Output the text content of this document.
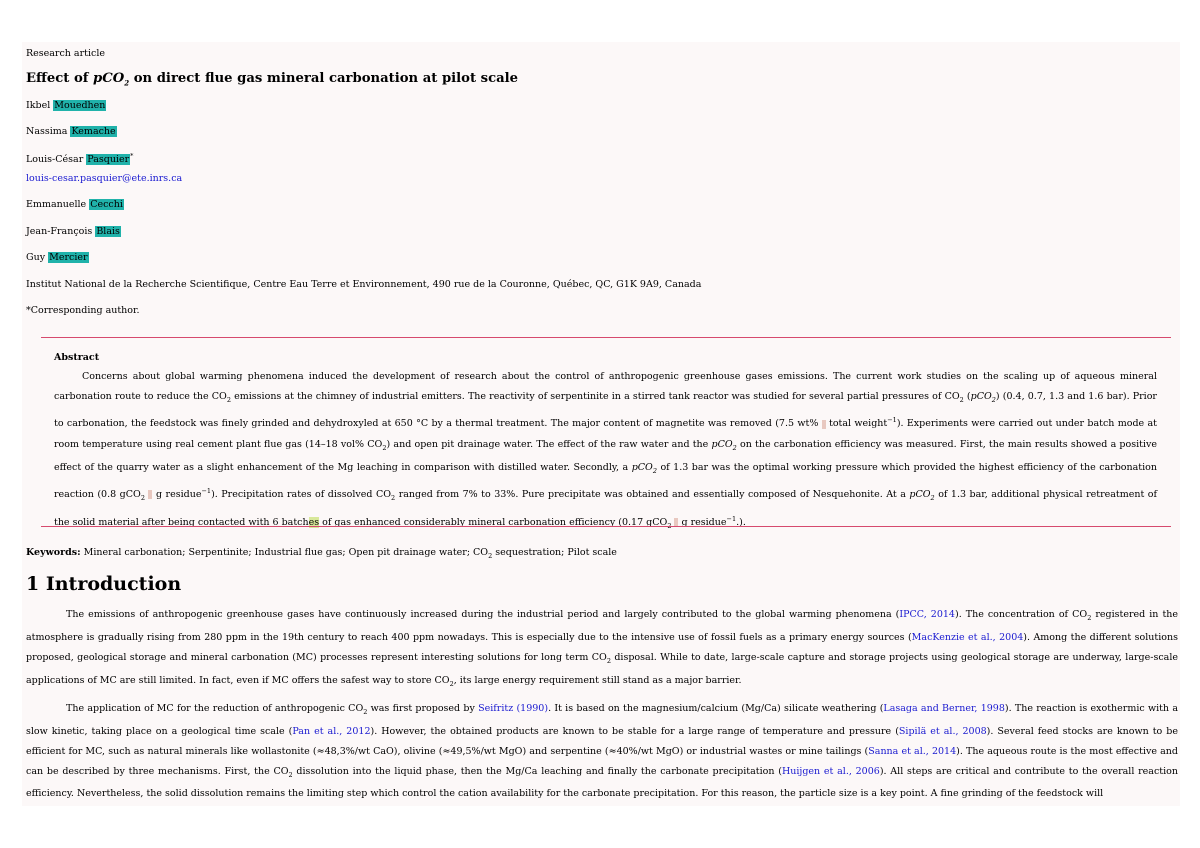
Research article
Effect of pCO$_2$ on direct flue gas mineral carbonation at pilot scale
Ikbel Mouedhen
Nassima Kemache
Louis-César Pasquier*
louis-cesar.pasquier@ete.inrs.ca
Emmanuelle Cecchi
Jean-François Blais
Guy Mercier
Institut National de la Recherche Scientifique, Centre Eau Terre et Environnement, 490 rue de la Couronne, Québec, QC, G1K 9A9, Canada
*Corresponding author.
Abstract

Concerns about global warming phenomena induced the development of research about the control of anthropogenic greenhouse gases emissions. The current work studies on the scaling up of aqueous mineral carbonation route to reduce the $CO_2$ emissions at the chimney of industrial emitters. The reactivity of serpentinite in a stirred tank reactor was studied for several partial pressures of $CO_2$ (pCO$_2$) (0.4, 0.7, 1.3 and 1.6 bar). Prior to carbonation, the feedstock was finely grinded and dehydroxyled at 650 °C by a thermal treatment. The major content of magnetite was removed (7.5 wt%  total weight$^{-1}$). Experiments were carried out under batch mode at room temperature using real cement plant flue gas (14–18 vol% $CO_2$) and open pit drainage water. The effect of the raw water and the pCO$_2$ on the carbonation efficiency was measured. First, the main results showed a positive effect of the quarry water as a slight enhancement of the Mg leaching in comparison with distilled water. Secondly, a pCO$_2$ of 1.3 bar was the optimal working pressure which provided the highest efficiency of the carbonation reaction (0.8 gCO$_2$  g residue$^{-1}$). Precipitation rates of dissolved $CO_2$ ranged from 7% to 33%. Pure precipitate was obtained and essentially composed of Nesquehonite. At a pCO$_2$ of 1.3 bar, additional physical retreatment of the solid material after being contacted with 6 batches of gas enhanced considerably mineral carbonation efficiency (0.17 gCO$_2$  g residue$^{-1}$.).

Keywords: Mineral carbonation; Serpentinite; Industrial flue gas; Open pit drainage water; $CO_2$ sequestration; Pilot scale
1 Introduction

The emissions of anthropogenic greenhouse gases have continuously increased during the industrial period and largely contributed to the global warming phenomena (IPCC, 2014). The concentration of $CO_2$ registered in the atmosphere is gradually rising from 280 ppm in the 19th century to reach 400 ppm nowadays. This is especially due to the intensive use of fossil fuels as a primary energy sources (MacKenzie et al., 2004). Among the different solutions proposed, geological storage and mineral carbonation (MC) processes represent interesting solutions for long term $CO_2$ disposal. While to date, large-scale capture and storage projects using geological storage are underway, large-scale applications of MC are still limited. In fact, even if MC offers the safest way to store $CO_2$, its large energy requirement still stand as a major barrier.

The application of MC for the reduction of anthropogenic $CO_2$ was first proposed by Seifritz (1990). It is based on the magnesium/calcium (Mg/Ca) silicate weathering (Lasaga and Berner, 1998). The reaction is exothermic with a slow kinetic, taking place on a geological time scale (Pan et al., 2012). However, the obtained products are known to be stable for a large range of temperature and pressure (Sipilä et al., 2008). Several feed stocks are known to be efficient for MC, such as natural minerals like wollastonite (≈48,3%/wt CaO), olivine (≈49,5%/wt MgO) and serpentine (≈40%/wt MgO) or industrial wastes or mine tailings (Sanna et al., 2014). The aqueous route is the most effective and can be described by three mechanisms. First, the $CO_2$ dissolution into the liquid phase, then the Mg/Ca leaching and finally the carbonate precipitation (Huijgen et al., 2006). All steps are critical and contribute to the overall reaction efficiency. Nevertheless, the solid dissolution remains the limiting step which control the cation availability for the carbonate precipitation. For this reason, the particle size is a key point. A fine grinding of the feedstock will
